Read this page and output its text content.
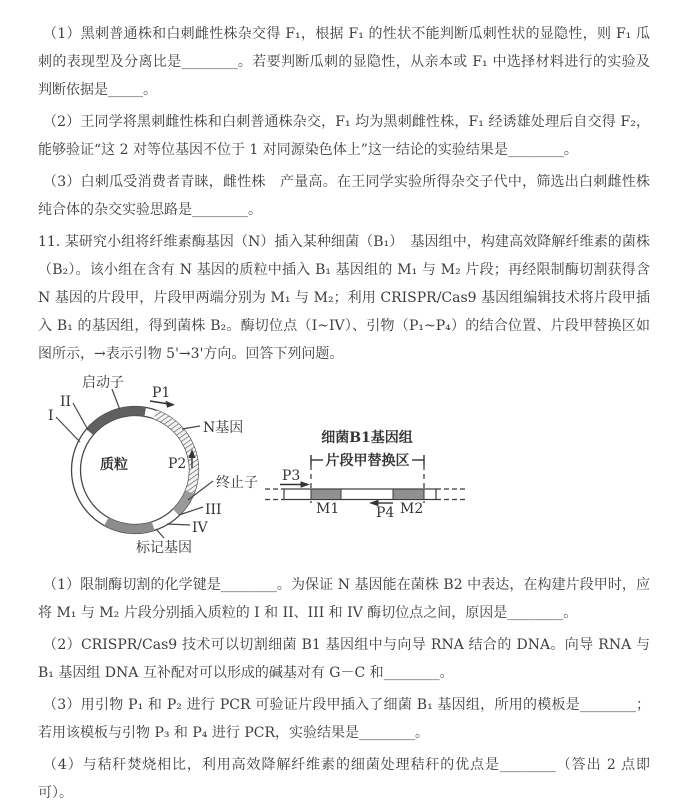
（1）黑刺普通株和白刺雌性株杂交得 F₁，根据 F₁ 的性状不能判断瓜刺性状的显隐性，则 F₁ 瓜刺的表现型及分离比是________。若要判断瓜刺的显隐性，从亲本或 F₁ 中选择材料进行的实验及判断依据是_____。

（2）王同学将黑刺雌性株和白刺普通株杂交，F₁ 均为黑刺雌性株，F₁ 经诱雄处理后自交得 F₂，能够验证“这 2 对等位基因不位于 1 对同源染色体上”这一结论的实验结果是________。

（3）白刺瓜受消费者青睐，雌性株　产量高。在王同学实验所得杂交子代中，筛选出白刺雌性株纯合体的杂交实验思路是________。

11. 某研究小组将纤维素酶基因（N）插入某种细菌（B₁）　基因组中，构建高效降解纤维素的菌株（B₂）。该小组在含有 N 基因的质粒中插入 B₁ 基因组的 M₁ 与 M₂ 片段；再经限制酶切割获得含 N 基因的片段甲，片段甲两端分别为 M₁ 与 M₂；利用 CRISPR/Cas9 基因组编辑技术将片段甲插入 B₁ 的基因组，得到菌株 B₂。酶切位点（I~IV）、引物（P₁~P₄）的结合位置、片段甲替换区如图所示，→表示引物 5'→3'方向。回答下列问题。

启动子
II
I
P1
N基因
质粒	P2
终止子
III
IV
标记基因
细菌B1基因组
片段甲替换区
P3
P4
M1	M2

（1）限制酶切割的化学键是________。为保证 N 基因能在菌株 B2 中表达，在构建片段甲时，应将 M₁ 与 M₂ 片段分别插入质粒的 I 和 II、III 和 IV 酶切位点之间，原因是________。

（2）CRISPR/Cas9 技术可以切割细菌 B1 基因组中与向导 RNA 结合的 DNA。向导 RNA 与 B₁ 基因组 DNA 互补配对可以形成的碱基对有 G－C 和________。

（3）用引物 P₁ 和 P₂ 进行 PCR 可验证片段甲插入了细菌 B₁ 基因组，所用的模板是________；若用该模板与引物 P₃ 和 P₄ 进行 PCR，实验结果是________。

（4）与秸秆焚烧相比，利用高效降解纤维素的细菌处理秸秆的优点是________（答出 2 点即可）。
